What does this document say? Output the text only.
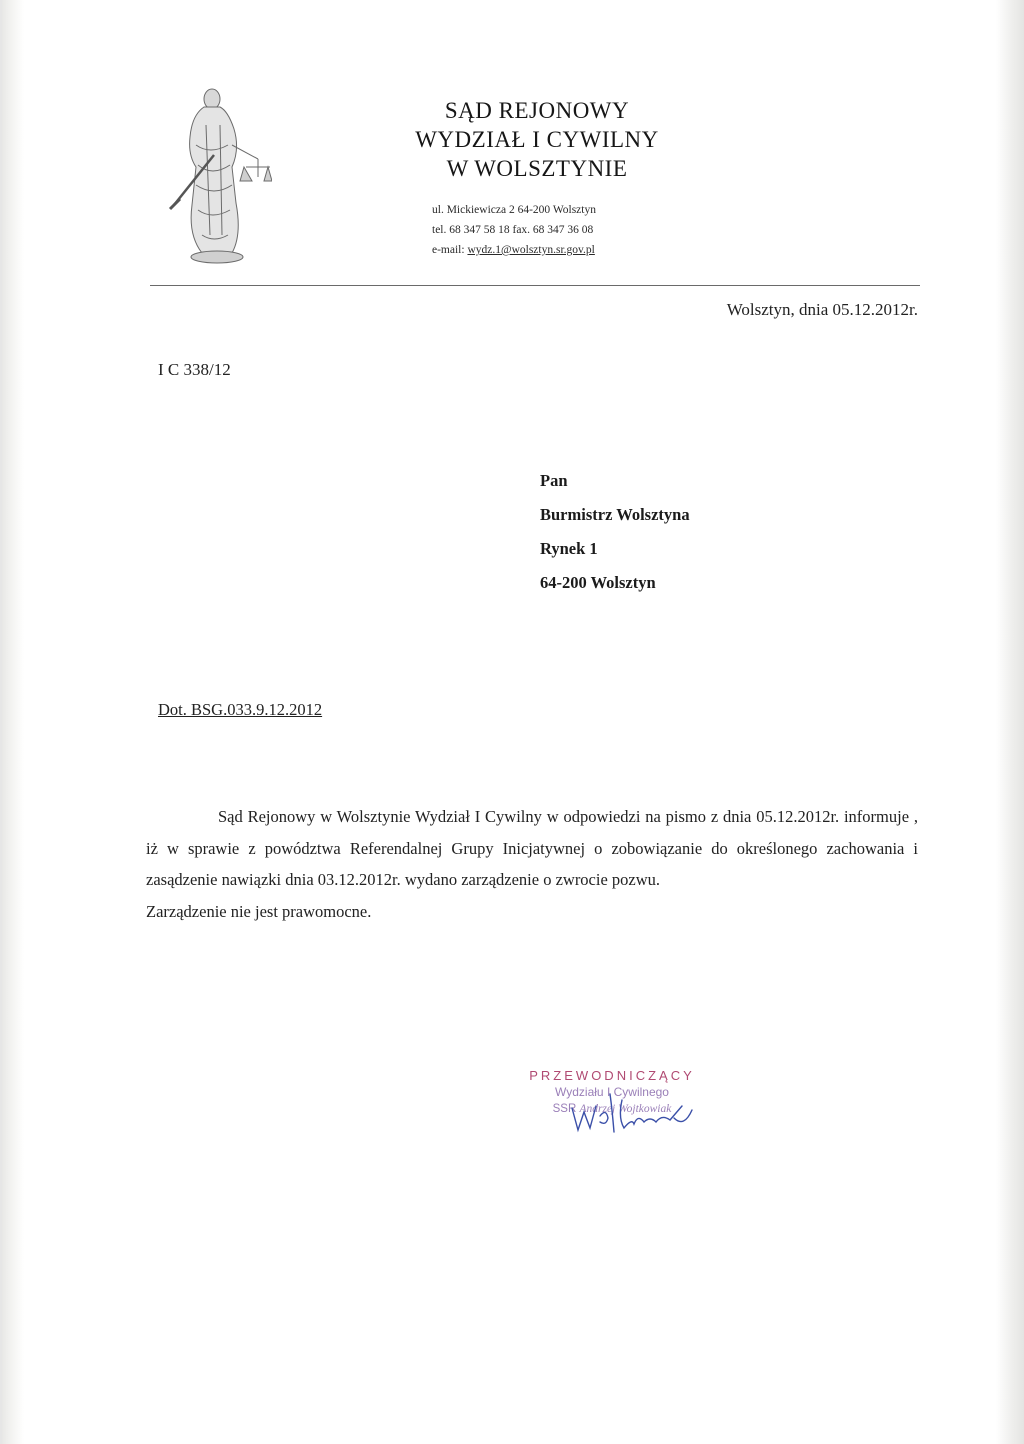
SĄD REJONOWY
WYDZIAŁ I CYWILNY
W WOLSZTYNIE
ul. Mickiewicza 2 64-200 Wolsztyn
tel. 68 347 58 18 fax. 68 347 36 08
e-mail: wydz.1@wolsztyn.sr.gov.pl
Wolsztyn, dnia 05.12.2012r.
I C 338/12
Pan
Burmistrz Wolsztyna
Rynek 1
64-200 Wolsztyn
Dot. BSG.033.9.12.2012

Sąd Rejonowy w Wolsztynie Wydział I Cywilny w odpowiedzi na pismo z dnia 05.12.2012r. informuje , iż w sprawie z powództwa Referendalnej Grupy Inicjatywnej o zobowiązanie do określonego zachowania i zasądzenie nawiązki dnia 03.12.2012r. wydano zarządzenie o zwrocie pozwu.

Zarządzenie nie jest prawomocne.

PRZEWODNICZĄCY
Wydziału I Cywilnego
SSR Andrzej Wojtkowiak
